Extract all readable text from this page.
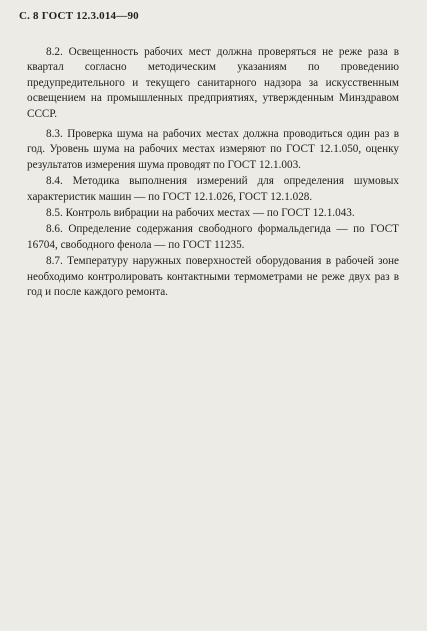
С. 8 ГОСТ 12.3.014—90

8.2. Освещенность рабочих мест должна проверяться не реже раза в квартал согласно методическим указаниям по проведению предупредительного и текущего санитарного надзора за искусственным освещением на промышленных предприятиях, утвержденным Минздравом СССР.

8.3. Проверка шума на рабочих местах должна проводиться один раз в год. Уровень шума на рабочих местах измеряют по ГОСТ 12.1.050, оценку результатов измерения шума проводят по ГОСТ 12.1.003.

8.4. Методика выполнения измерений для определения шумовых характеристик машин — по ГОСТ 12.1.026, ГОСТ 12.1.028.

8.5. Контроль вибрации на рабочих местах — по ГОСТ 12.1.043.

8.6. Определение содержания свободного формальдегида — по ГОСТ 16704, свободного фенола — по ГОСТ 11235.

8.7. Температуру наружных поверхностей оборудования в рабочей зоне необходимо контролировать контактными термометрами не реже двух раз в год и после каждого ремонта.
